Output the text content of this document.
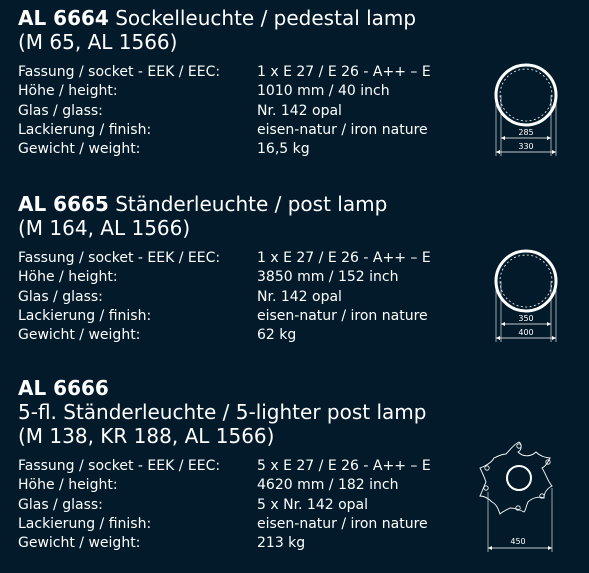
AL 6664 Sockelleuchte / pedestal lamp
(M 65, AL 1566)
Fassung / socket - EEK / EEC:	1 x E 27 / E 26 - A++ – E
Höhe / height:	1010 mm / 40 inch
Glas / glass:	Nr. 142 opal
Lackierung / finish:	eisen-natur / iron nature
Gewicht / weight:	16,5 kg
AL 6665 Ständerleuchte / post lamp
(M 164, AL 1566)
Fassung / socket - EEK / EEC:	1 x E 27 / E 26 - A++ – E
Höhe / height:	3850 mm / 152 inch
Glas / glass:	Nr. 142 opal
Lackierung / finish:	eisen-natur / iron nature
Gewicht / weight:	62 kg
AL 6666
5-fl. Ständerleuchte / 5-lighter post lamp
(M 138, KR 188, AL 1566)
Fassung / socket - EEK / EEC:	5 x E 27 / E 26 - A++ – E
Höhe / height:	4620 mm / 182 inch
Glas / glass:	5 x Nr. 142 opal
Lackierung / finish:	eisen-natur / iron nature
Gewicht / weight:	213 kg
285
330
350
400
450
